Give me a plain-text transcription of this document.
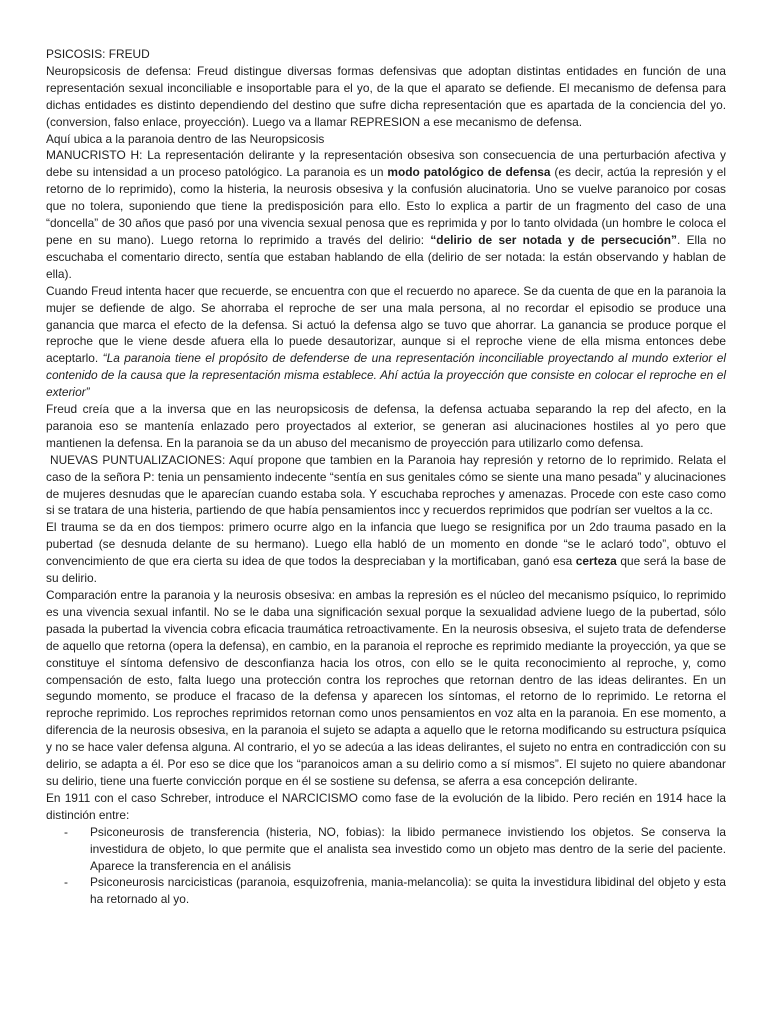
PSICOSIS: FREUD

Neuropsicosis de defensa: Freud distingue diversas formas defensivas que adoptan distintas entidades en función de una representación sexual inconciliable e insoportable para el yo, de la que el aparato se defiende. El mecanismo de defensa para dichas entidades es distinto dependiendo del destino que sufre dicha representación que es apartada de la conciencia del yo. (conversion, falso enlace, proyección). Luego va a llamar REPRESION a ese mecanismo de defensa.

Aquí ubica a la paranoia dentro de las Neuropsicosis

MANUCRISTO H: La representación delirante y la representación obsesiva son consecuencia de una perturbación afectiva y debe su intensidad a un proceso patológico. La paranoia es un modo patológico de defensa (es decir, actúa la represión y el retorno de lo reprimido), como la histeria, la neurosis obsesiva y la confusión alucinatoria. Uno se vuelve paranoico por cosas que no tolera, suponiendo que tiene la predisposición para ello. Esto lo explica a partir de un fragmento del caso de una “doncella” de 30 años que pasó por una vivencia sexual penosa que es reprimida y por lo tanto olvidada (un hombre le coloca el pene en su mano). Luego retorna lo reprimido a través del delirio: “delirio de ser notada y de persecución”. Ella no escuchaba el comentario directo, sentía que estaban hablando de ella (delirio de ser notada: la están observando y hablan de ella).

Cuando Freud intenta hacer que recuerde, se encuentra con que el recuerdo no aparece. Se da cuenta de que en la paranoia la mujer se defiende de algo. Se ahorraba el reproche de ser una mala persona, al no recordar el episodio se produce una ganancia que marca el efecto de la defensa. Si actuó la defensa algo se tuvo que ahorrar. La ganancia se produce porque el reproche que le viene desde afuera ella lo puede desautorizar, aunque si el reproche viene de ella misma entonces debe aceptarlo. “La paranoia tiene el propósito de defenderse de una representación inconciliable proyectando al mundo exterior el contenido de la causa que la representación misma establece. Ahí actúa la proyección que consiste en colocar el reproche en el exterior”

Freud creía que a la inversa que en las neuropsicosis de defensa, la defensa actuaba separando la rep del afecto, en la paranoia eso se mantenía enlazado pero proyectados al exterior, se generan asi alucinaciones hostiles al yo pero que mantienen la defensa. En la paranoia se da un abuso del mecanismo de proyección para utilizarlo como defensa.

NUEVAS PUNTUALIZACIONES: Aquí propone que tambien en la Paranoia hay represión y retorno de lo reprimido. Relata el caso de la señora P: tenia un pensamiento indecente “sentía en sus genitales cómo se siente una mano pesada” y alucinaciones de mujeres desnudas que le aparecían cuando estaba sola. Y escuchaba reproches y amenazas. Procede con este caso como si se tratara de una histeria, partiendo de que había pensamientos incc y recuerdos reprimidos que podrían ser vueltos a la cc.

El trauma se da en dos tiempos: primero ocurre algo en la infancia que luego se resignifica por un 2do trauma pasado en la pubertad (se desnuda delante de su hermano). Luego ella habló de un momento en donde “se le aclaró todo”, obtuvo el convencimiento de que era cierta su idea de que todos la despreciaban y la mortificaban, ganó esa certeza que será la base de su delirio.

Comparación entre la paranoia y la neurosis obsesiva: en ambas la represión es el núcleo del mecanismo psíquico, lo reprimido es una vivencia sexual infantil. No se le daba una significación sexual porque la sexualidad adviene luego de la pubertad, sólo pasada la pubertad la vivencia cobra eficacia traumática retroactivamente. En la neurosis obsesiva, el sujeto trata de defenderse de aquello que retorna (opera la defensa), en cambio, en la paranoia el reproche es reprimido mediante la proyección, ya que se constituye el síntoma defensivo de desconfianza hacia los otros, con ello se le quita reconocimiento al reproche, y, como compensación de esto, falta luego una protección contra los reproches que retornan dentro de las ideas delirantes. En un segundo momento, se produce el fracaso de la defensa y aparecen los síntomas, el retorno de lo reprimido. Le retorna el reproche reprimido. Los reproches reprimidos retornan como unos pensamientos en voz alta en la paranoia. En ese momento, a diferencia de la neurosis obsesiva, en la paranoia el sujeto se adapta a aquello que le retorna modificando su estructura psíquica y no se hace valer defensa alguna. Al contrario, el yo se adecúa a las ideas delirantes, el sujeto no entra en contradicción con su delirio, se adapta a él. Por eso se dice que los “paranoicos aman a su delirio como a sí mismos”. El sujeto no quiere abandonar su delirio, tiene una fuerte convicción porque en él se sostiene su defensa, se aferra a esa concepción delirante.

En 1911 con el caso Schreber, introduce el NARCICISMO como fase de la evolución de la libido. Pero recién en 1914 hace la distinción entre:

- Psiconeurosis de transferencia (histeria, NO, fobias): la libido permanece invistiendo los objetos. Se conserva la investidura de objeto, lo que permite que el analista sea investido como un objeto mas dentro de la serie del paciente. Aparece la transferencia en el análisis
- Psiconeurosis narcicisticas (paranoia, esquizofrenia, mania-melancolia): se quita la investidura libidinal del objeto y esta ha retornado al yo.
